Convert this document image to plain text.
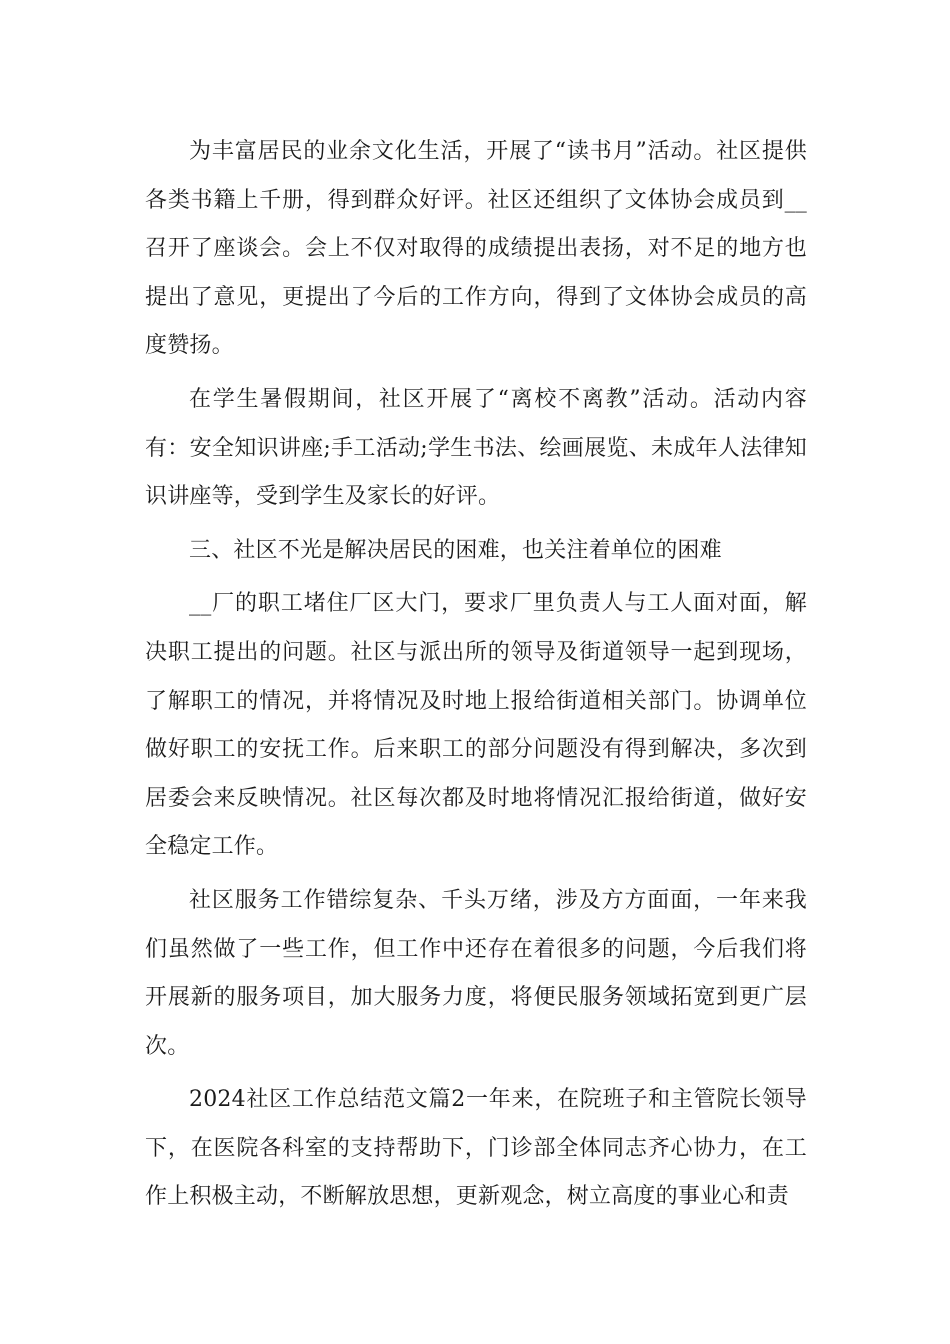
为丰富居民的业余文化生活，开展了“读书月”活动。社区提供各类书籍上千册，得到群众好评。社区还组织了文体协会成员到__召开了座谈会。会上不仅对取得的成绩提出表扬，对不足的地方也提出了意见，更提出了今后的工作方向，得到了文体协会成员的高度赞扬。

在学生暑假期间，社区开展了“离校不离教”活动。活动内容有：安全知识讲座;手工活动;学生书法、绘画展览、未成年人法律知识讲座等，受到学生及家长的好评。

三、社区不光是解决居民的困难，也关注着单位的困难

__厂的职工堵住厂区大门，要求厂里负责人与工人面对面，解决职工提出的问题。社区与派出所的领导及街道领导一起到现场，了解职工的情况，并将情况及时地上报给街道相关部门。协调单位做好职工的安抚工作。后来职工的部分问题没有得到解决，多次到居委会来反映情况。社区每次都及时地将情况汇报给街道，做好安全稳定工作。

社区服务工作错综复杂、千头万绪，涉及方方面面，一年来我们虽然做了一些工作，但工作中还存在着很多的问题，今后我们将开展新的服务项目，加大服务力度，将便民服务领域拓宽到更广层次。

2024社区工作总结范文篇2一年来，在院班子和主管院长领导下，在医院各科室的支持帮助下，门诊部全体同志齐心协力，在工作上积极主动，不断解放思想，更新观念，树立高度的事业心和责
